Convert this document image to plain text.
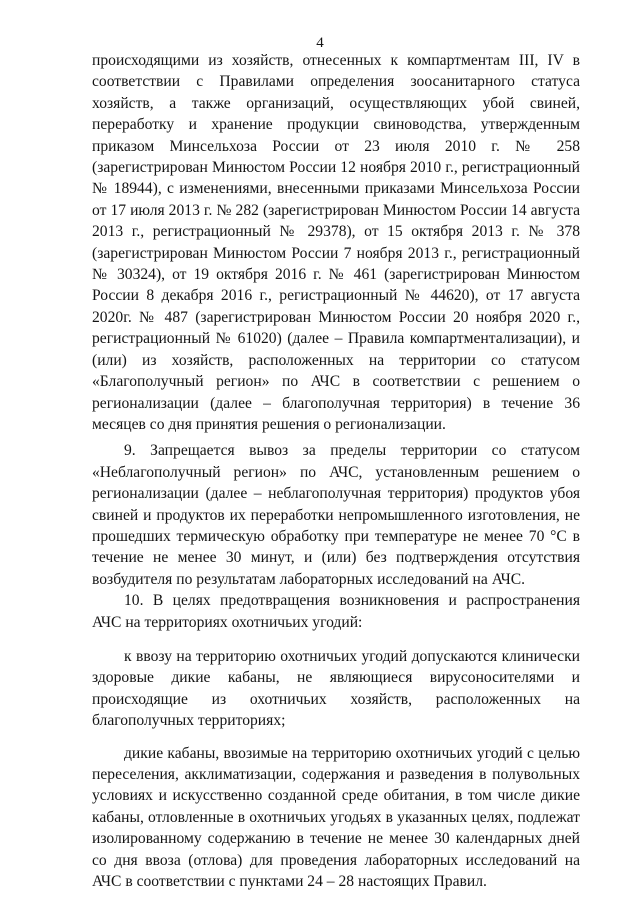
4

происходящими из хозяйств, отнесенных к компартментам III, IV в соответствии с Правилами определения зоосанитарного статуса хозяйств, а также организаций, осуществляющих убой свиней, переработку и хранение продукции свиноводства, утвержденным приказом Минсельхоза России от 23 июля 2010 г. № 258 (зарегистрирован Минюстом России 12 ноября 2010 г., регистрационный № 18944), с изменениями, внесенными приказами Минсельхоза России от 17 июля 2013 г. № 282 (зарегистрирован Минюстом России 14 августа 2013 г., регистрационный № 29378), от 15 октября 2013 г. № 378 (зарегистрирован Минюстом России 7 ноября 2013 г., регистрационный № 30324), от 19 октября 2016 г. № 461 (зарегистрирован Минюстом России 8 декабря 2016 г., регистрационный № 44620), от 17 августа 2020г. № 487 (зарегистрирован Минюстом России 20 ноября 2020 г., регистрационный № 61020) (далее – Правила компартментализации), и (или) из хозяйств, расположенных на территории со статусом «Благополучный регион» по АЧС в соответствии с решением о регионализации (далее – благополучная территория) в течение 36 месяцев со дня принятия решения о регионализации.

9. Запрещается вывоз за пределы территории со статусом «Неблагополучный регион» по АЧС, установленным решением о регионализации (далее – неблагополучная территория) продуктов убоя свиней и продуктов их переработки непромышленного изготовления, не прошедших термическую обработку при температуре не менее 70 °С в течение не менее 30 минут, и (или) без подтверждения отсутствия возбудителя по результатам лабораторных исследований на АЧС.

10. В целях предотвращения возникновения и распространения АЧС на территориях охотничьих угодий:

к ввозу на территорию охотничьих угодий допускаются клинически здоровые дикие кабаны, не являющиеся вирусоносителями и происходящие из охотничьих хозяйств, расположенных на благополучных территориях;

дикие кабаны, ввозимые на территорию охотничьих угодий с целью переселения, акклиматизации, содержания и разведения в полувольных условиях и искусственно созданной среде обитания, в том числе дикие кабаны, отловленные в охотничьих угодьях в указанных целях, подлежат изолированному содержанию в течение не менее 30 календарных дней со дня ввоза (отлова) для проведения лабораторных исследований на АЧС в соответствии с пунктами 24 – 28 настоящих Правил.
